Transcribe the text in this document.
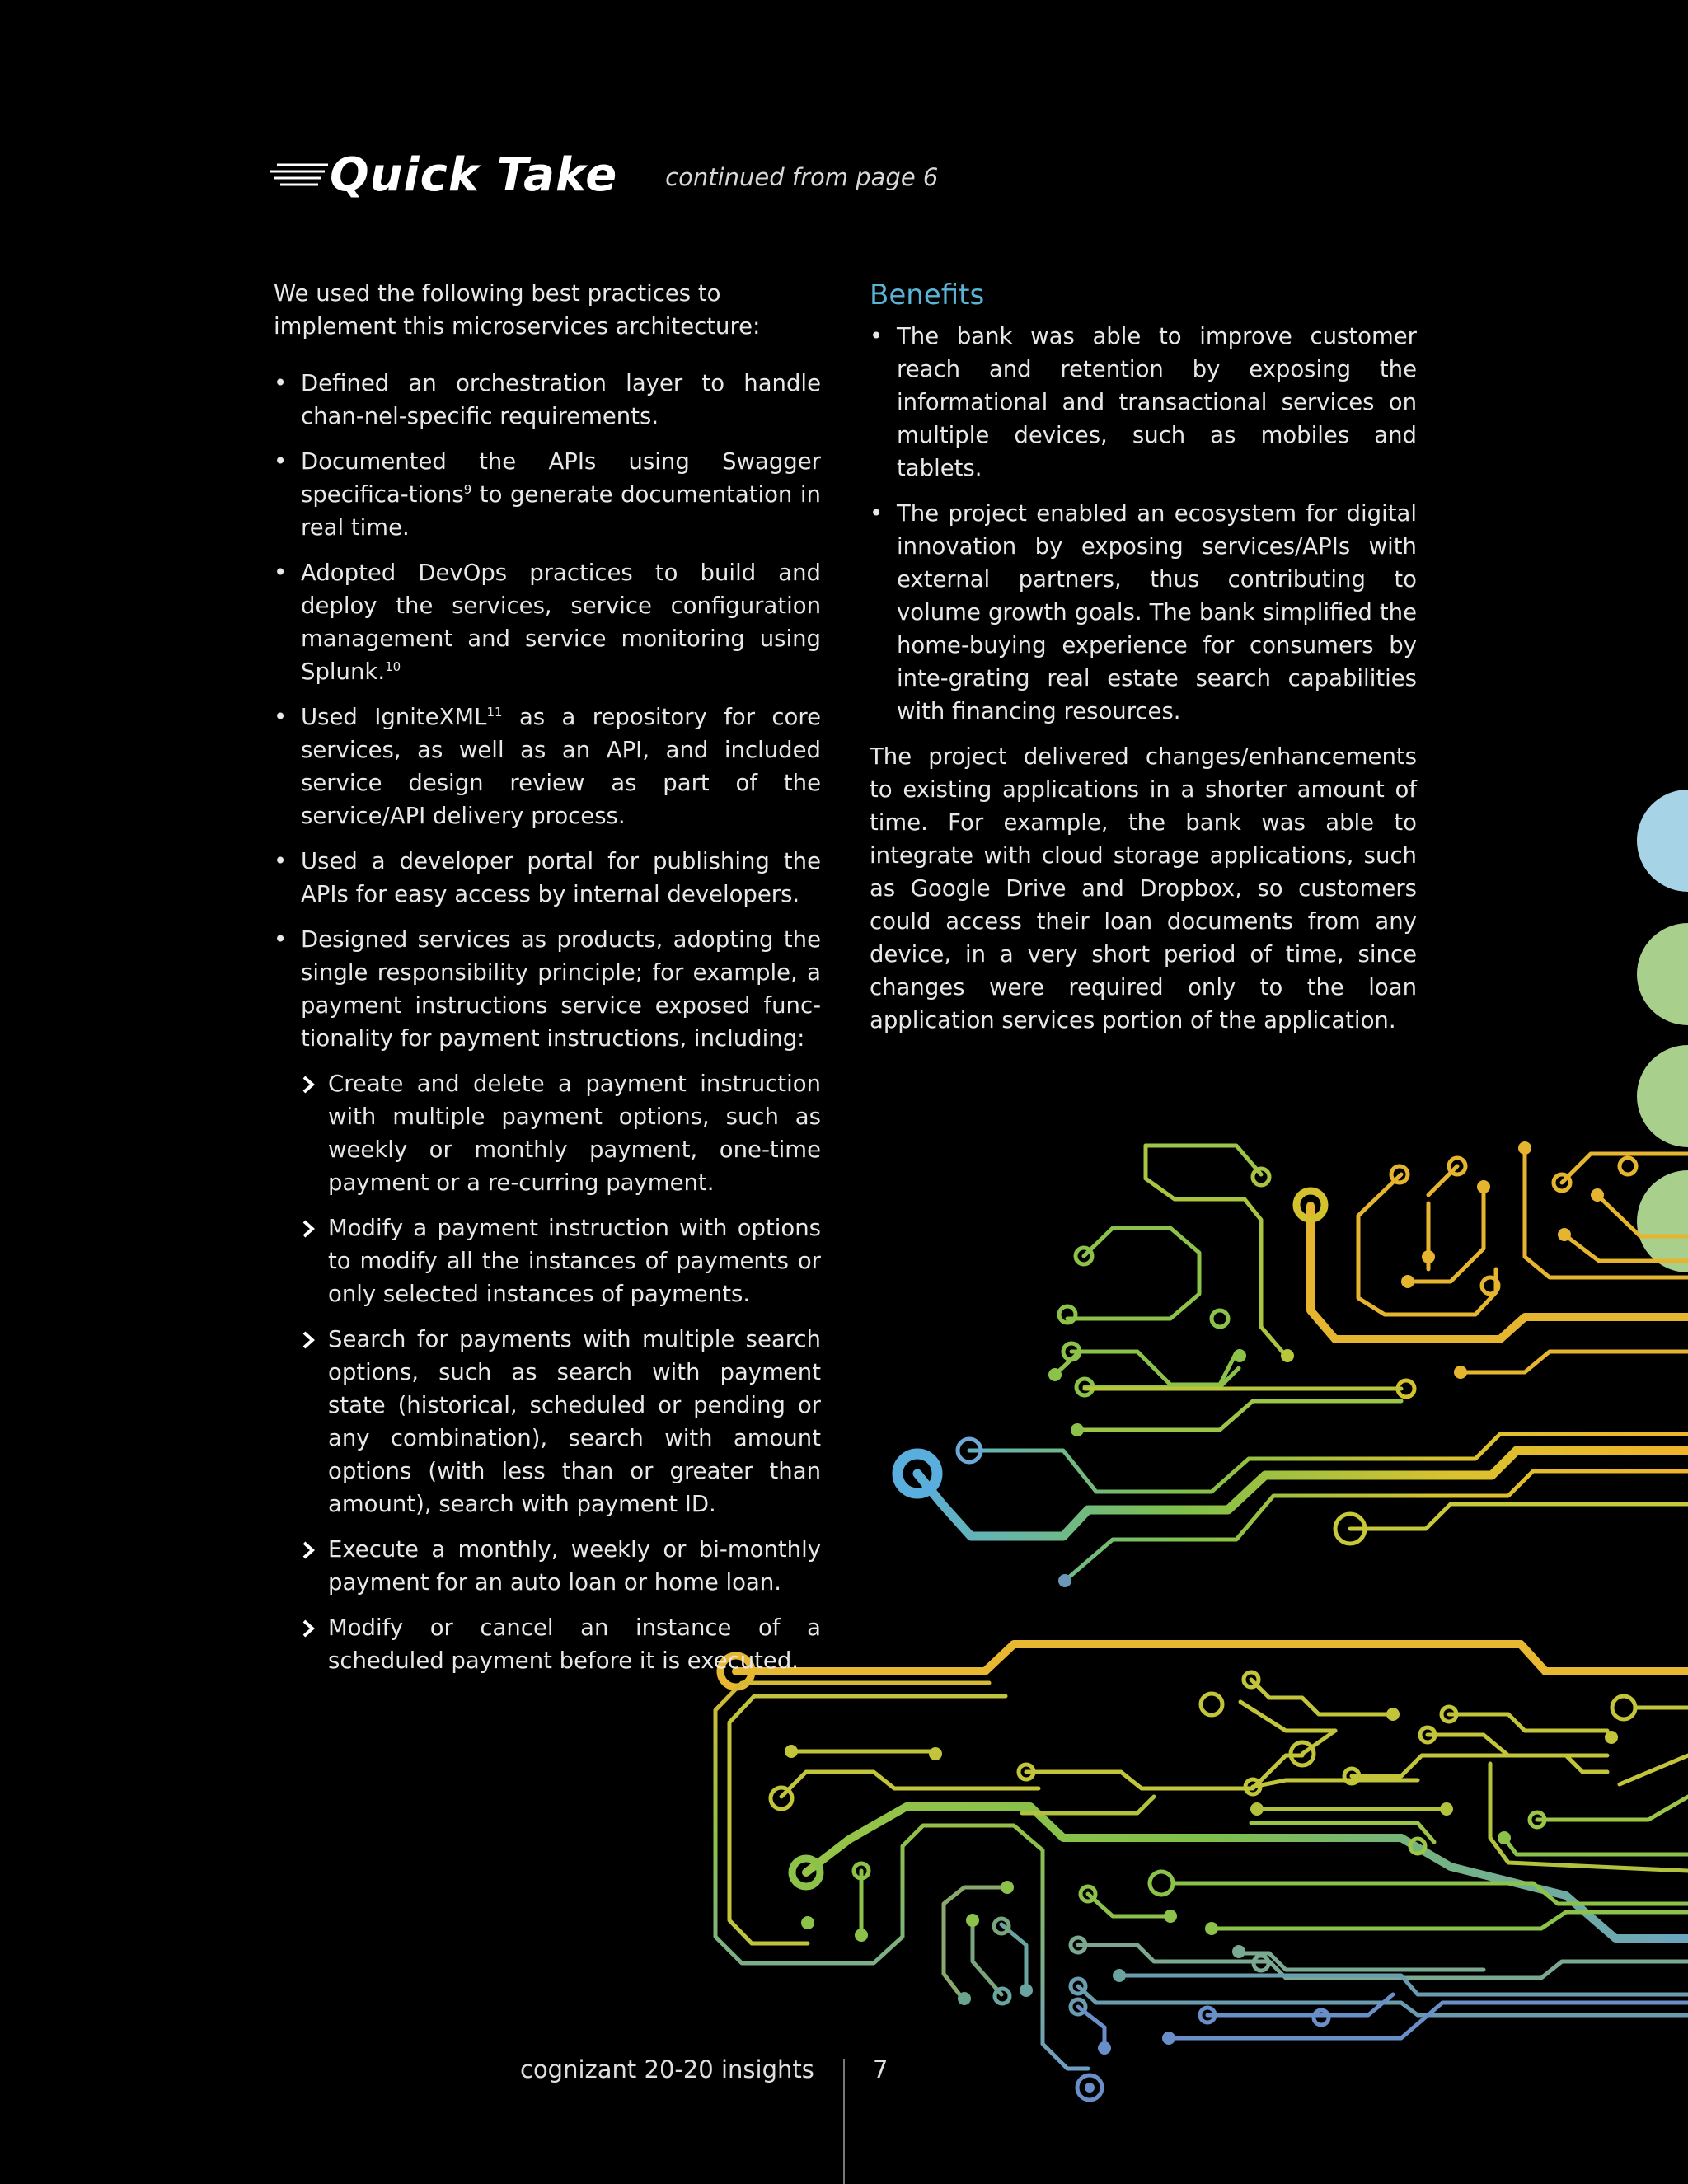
Quick Take continued from page 6

We used the following best practices to implement this microservices architecture:

• Defined an orchestration layer to handle chan-nel-specific requirements.
• Documented the APIs using Swagger specifica-tions$^9$ to generate documentation in real time.
• Adopted DevOps practices to build and deploy the services, service configuration management and service monitoring using Splunk.$^{10}$
• Used IgniteXML$^{11}$ as a repository for core services, as well as an API, and included service design review as part of the service/API delivery process.
• Used a developer portal for publishing the APIs for easy access by internal developers.
• Designed services as products, adopting the single responsibility principle; for example, a payment instructions service exposed func-tionality for payment instructions, including:
Create and delete a payment instruction with multiple payment options, such as weekly or monthly payment, one-time payment or a re-curring payment.
Modify a payment instruction with options to modify all the instances of payments or only selected instances of payments.
Search for payments with multiple search options, such as search with payment state (historical, scheduled or pending or any combination), search with amount options (with less than or greater than amount), search with payment ID.
Execute a monthly, weekly or bi-monthly payment for an auto loan or home loan.
Modify or cancel an instance of a scheduled payment before it is executed.
Benefits
• The bank was able to improve customer reach and retention by exposing the informational and transactional services on multiple devices, such as mobiles and tablets.
• The project enabled an ecosystem for digital innovation by exposing services/APIs with external partners, thus contributing to volume growth goals. The bank simplified the home-buying experience for consumers by inte-grating real estate search capabilities with financing resources.

The project delivered changes/enhancements to existing applications in a shorter amount of time. For example, the bank was able to integrate with cloud storage applications, such as Google Drive and Dropbox, so customers could access their loan documents from any device, in a very short period of time, since changes were required only to the loan application services portion of the application.

cognizant 20-20 insights 7
